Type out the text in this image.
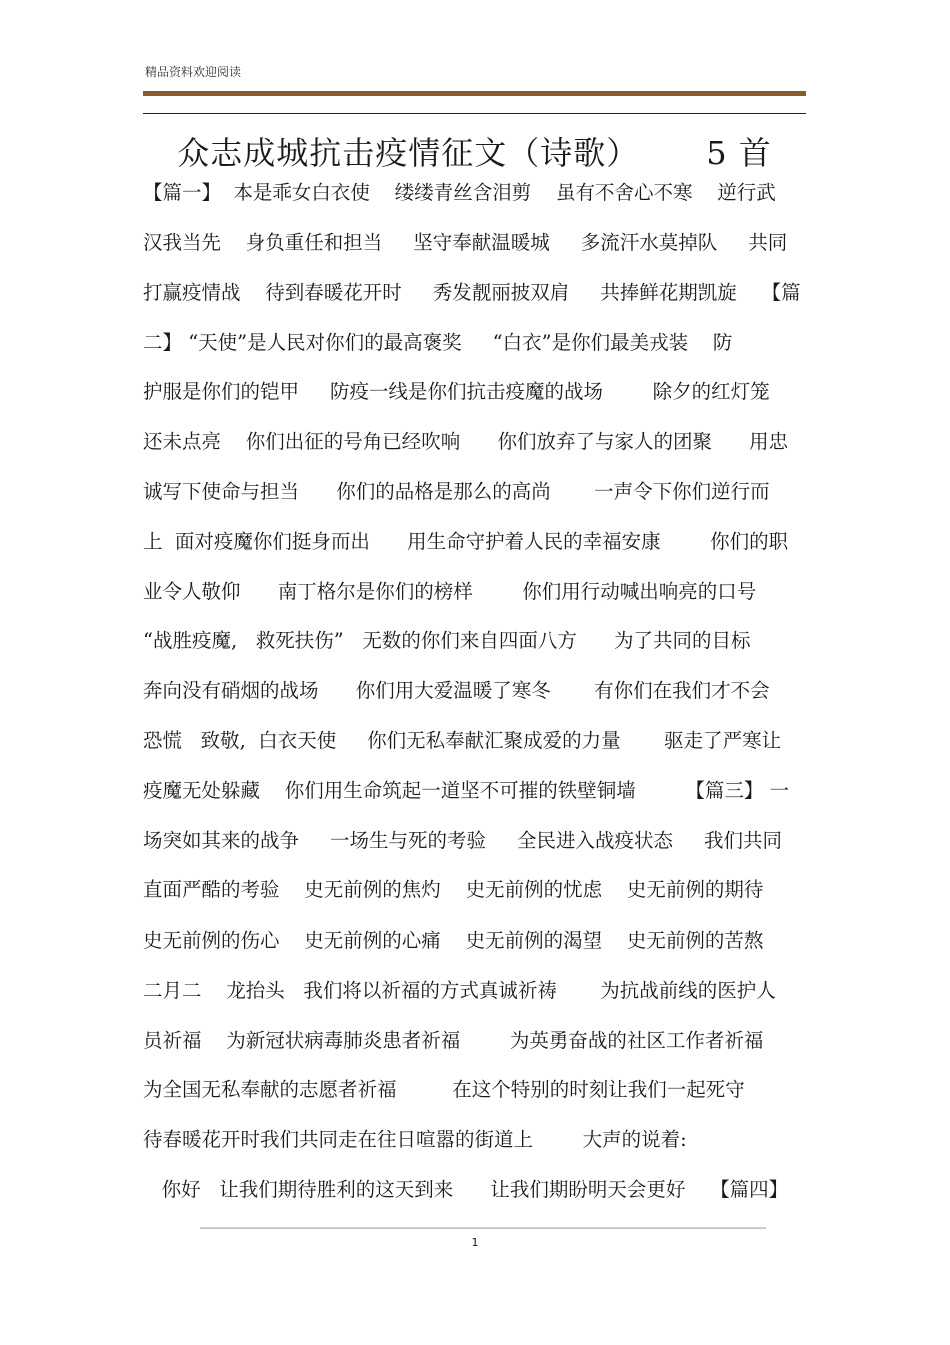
精品资料欢迎阅读
众志成城抗击疫情征文（诗歌）      5 首
【篇一】  本是乖女白衣使    缕缕青丝含泪剪    虽有不舍心不寒    逆行武
汉我当先    身负重任和担当     坚守奉献温暖城     多流汗水莫掉队     共同
打赢疫情战    待到春暖花开时     秀发靓丽披双肩     共捧鲜花期凯旋    【篇
二】 “天使”是人民对你们的最高褒奖     “白衣”是你们最美戎装    防
护服是你们的铠甲     防疫一线是你们抗击疫魔的战场        除夕的红灯笼
还未点亮    你们出征的号角已经吹响      你们放弃了与家人的团聚      用忠
诚写下使命与担当      你们的品格是那么的高尚       一声令下你们逆行而
上  面对疫魔你们挺身而出      用生命守护着人民的幸福安康        你们的职
业令人敬仰      南丁格尔是你们的榜样        你们用行动喊出响亮的口号
“战胜疫魔,   救死扶伤”   无数的你们来自四面八方      为了共同的目标
奔向没有硝烟的战场      你们用大爱温暖了寒冬       有你们在我们才不会
恐慌   致敬,  白衣天使     你们无私奉献汇聚成爱的力量       驱走了严寒让
疫魔无处躲藏    你们用生命筑起一道坚不可摧的铁壁铜墙        【篇三】 一
场突如其来的战争     一场生与死的考验     全民进入战疫状态     我们共同
直面严酷的考验    史无前例的焦灼    史无前例的忧虑    史无前例的期待
史无前例的伤心    史无前例的心痛    史无前例的渴望    史无前例的苦熬
二月二    龙抬头   我们将以祈福的方式真诚祈祷       为抗战前线的医护人
员祈福    为新冠状病毒肺炎患者祈福        为英勇奋战的社区工作者祈福
为全国无私奉献的志愿者祈福         在这个特别的时刻让我们一起死守
待春暖花开时我们共同走在往日喧嚣的街道上        大声的说着:
你好   让我们期待胜利的这天到来      让我们期盼明天会更好    【篇四】
1
